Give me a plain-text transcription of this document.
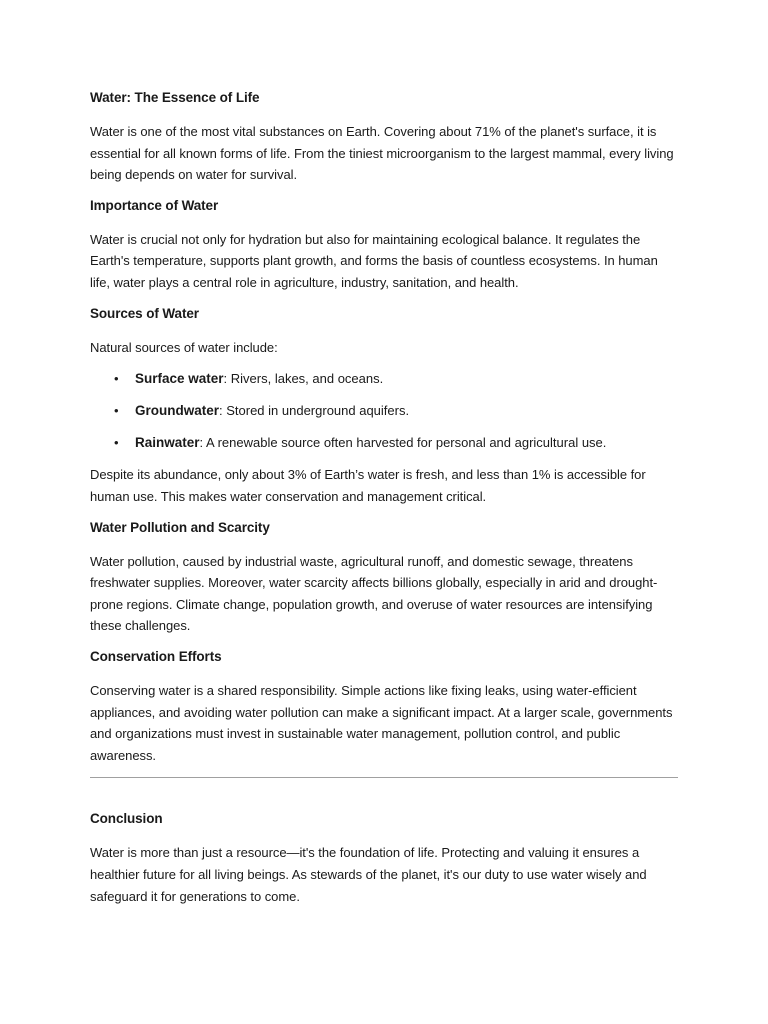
Water: The Essence of Life

Water is one of the most vital substances on Earth. Covering about 71% of the planet's surface, it is essential for all known forms of life. From the tiniest microorganism to the largest mammal, every living being depends on water for survival.

Importance of Water

Water is crucial not only for hydration but also for maintaining ecological balance. It regulates the Earth's temperature, supports plant growth, and forms the basis of countless ecosystems. In human life, water plays a central role in agriculture, industry, sanitation, and health.

Sources of Water

Natural sources of water include:

• Surface water: Rivers, lakes, and oceans.
• Groundwater: Stored in underground aquifers.
• Rainwater: A renewable source often harvested for personal and agricultural use.

Despite its abundance, only about 3% of Earth’s water is fresh, and less than 1% is accessible for human use. This makes water conservation and management critical.

Water Pollution and Scarcity

Water pollution, caused by industrial waste, agricultural runoff, and domestic sewage, threatens freshwater supplies. Moreover, water scarcity affects billions globally, especially in arid and drought-prone regions. Climate change, population growth, and overuse of water resources are intensifying these challenges.

Conservation Efforts

Conserving water is a shared responsibility. Simple actions like fixing leaks, using water-efficient appliances, and avoiding water pollution can make a significant impact. At a larger scale, governments and organizations must invest in sustainable water management, pollution control, and public awareness.

Conclusion

Water is more than just a resource—it's the foundation of life. Protecting and valuing it ensures a healthier future for all living beings. As stewards of the planet, it's our duty to use water wisely and safeguard it for generations to come.
